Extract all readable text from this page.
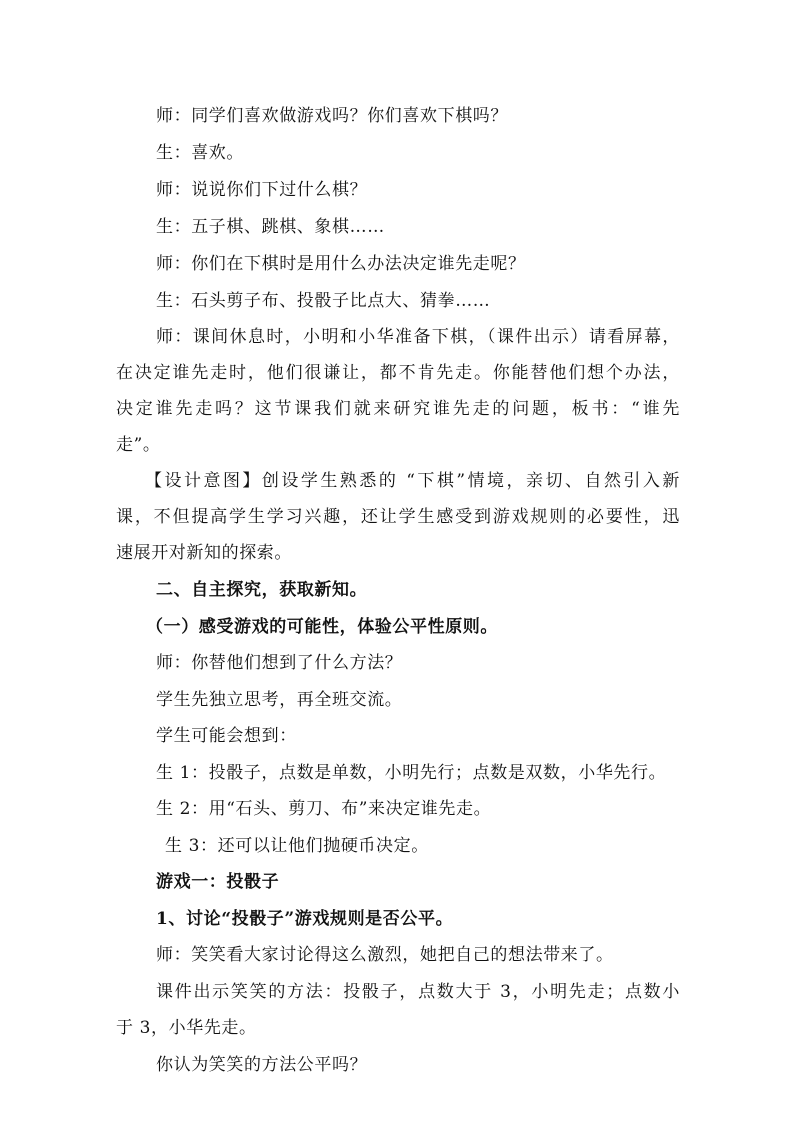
师：同学们喜欢做游戏吗？你们喜欢下棋吗？
生：喜欢。
师：说说你们下过什么棋？
生：五子棋、跳棋、象棋……
师：你们在下棋时是用什么办法决定谁先走呢？
生：石头剪子布、投骰子比点大、猜拳……
师：课间休息时，小明和小华准备下棋，（课件出示）请看屏幕，
在决定谁先走时，他们很谦让，都不肯先走。你能替他们想个办法，
决定谁先走吗？这节课我们就来研究谁先走的问题，板书：“谁先
走”。
【设计意图】创设学生熟悉的 “下棋”情境，亲切、自然引入新
课，不但提高学生学习兴趣，还让学生感受到游戏规则的必要性，迅
速展开对新知的探索。
二、自主探究，获取新知。
（一）感受游戏的可能性，体验公平性原则。
师：你替他们想到了什么方法？
学生先独立思考，再全班交流。
学生可能会想到：
生 1：投骰子，点数是单数，小明先行；点数是双数，小华先行。
生 2：用“石头、剪刀、布”来决定谁先走。
生 3：还可以让他们抛硬币决定。
游戏一：投骰子
1、讨论“投骰子”游戏规则是否公平。
师：笑笑看大家讨论得这么激烈，她把自己的想法带来了。
课件出示笑笑的方法：投骰子，点数大于 3，小明先走；点数小
于 3，小华先走。
你认为笑笑的方法公平吗？
